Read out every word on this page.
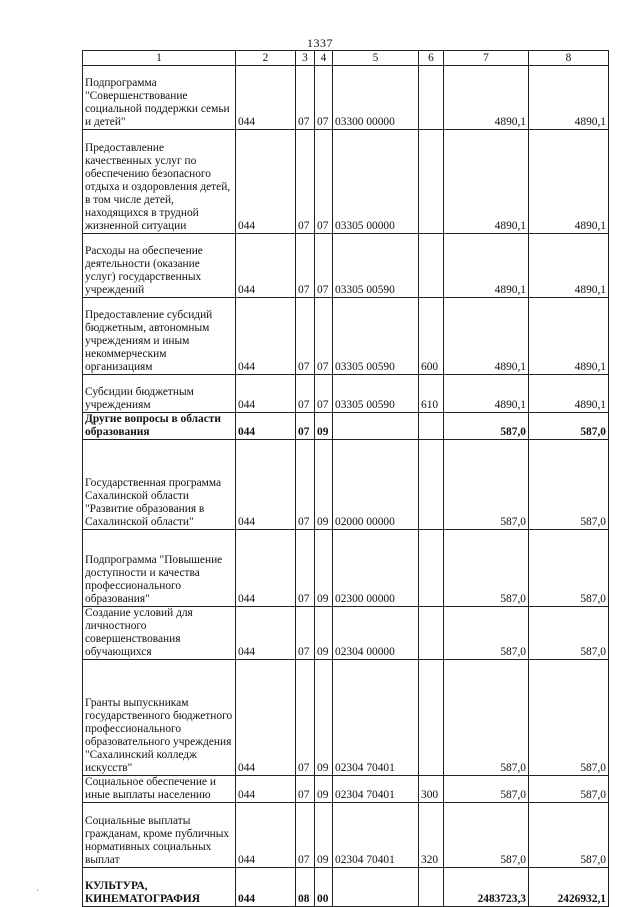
1337
1	2	3	4	5	6	7	8
Подпрограмма "Совершенствование социальной поддержки семьи и детей"	044	07	07	03300 00000		4890,1	4890,1
Предоставление качественных услуг по обеспечению безопасного отдыха и оздоровления детей, в том числе детей, находящихся в трудной жизненной ситуации	044	07	07	03305 00000		4890,1	4890,1
Расходы на обеспечение деятельности (оказание услуг) государственных учреждений	044	07	07	03305 00590		4890,1	4890,1
Предоставление субсидий бюджетным, автономным учреждениям и иным некоммерческим организациям	044	07	07	03305 00590	600	4890,1	4890,1
Субсидии бюджетным учреждениям	044	07	07	03305 00590	610	4890,1	4890,1
Другие вопросы в области образования	044	07	09			587,0	587,0
Государственная программа Сахалинской области "Развитие образования в Сахалинской области"	044	07	09	02000 00000		587,0	587,0
Подпрограмма "Повышение доступности и качества профессионального образования"	044	07	09	02300 00000		587,0	587,0
Создание условий для личностного совершенствования обучающихся	044	07	09	02304 00000		587,0	587,0
Гранты выпускникам государственного бюджетного профессионального образовательного учреждения "Сахалинский колледж искусств"	044	07	09	02304 70401		587,0	587,0
Социальное обеспечение и иные выплаты населению	044	07	09	02304 70401	300	587,0	587,0
Социальные выплаты гражданам, кроме публичных нормативных социальных выплат	044	07	09	02304 70401	320	587,0	587,0
КУЛЬТУРА, КИНЕМАТОГРАФИЯ	044	08	00			2483723,3	2426932,1
·
